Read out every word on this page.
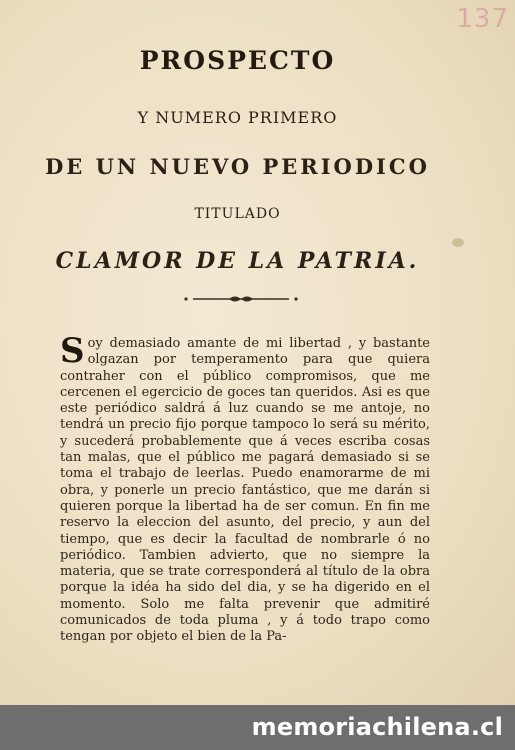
137
PROSPECTO
Y NUMERO PRIMERO
DE UN NUEVO PERIODICO
TITULADO
CLAMOR DE LA PATRIA.
Soy demasiado amante de mi libertad , y bastante olgazan por temperamento para que quiera contraher con el público compromisos, que me cercenen el egercicio de goces tan queridos. Asi es que este periódico saldrá á luz cuando se me antoje, no tendrá un precio fijo porque tampoco lo será su mérito, y sucederá probablemente que á veces escriba cosas tan malas, que el público me pagará demasiado si se toma el trabajo de leerlas. Puedo enamorarme de mi obra, y ponerle un precio fantástico, que me darán si quieren porque la libertad ha de ser comun. En fin me reservo la eleccion del asunto, del precio, y aun del tiempo, que es decir la facultad de nombrarle ó no periódico. Tambien advierto, que no siempre la materia, que se trate corresponderá al título de la obra porque la idéa ha sido del dia, y se ha digerido en el momento. Solo me falta prevenir que admitiré comunicados de toda pluma , y á todo trapo como tengan por objeto el bien de la Pa-
memoriachilena.cl
